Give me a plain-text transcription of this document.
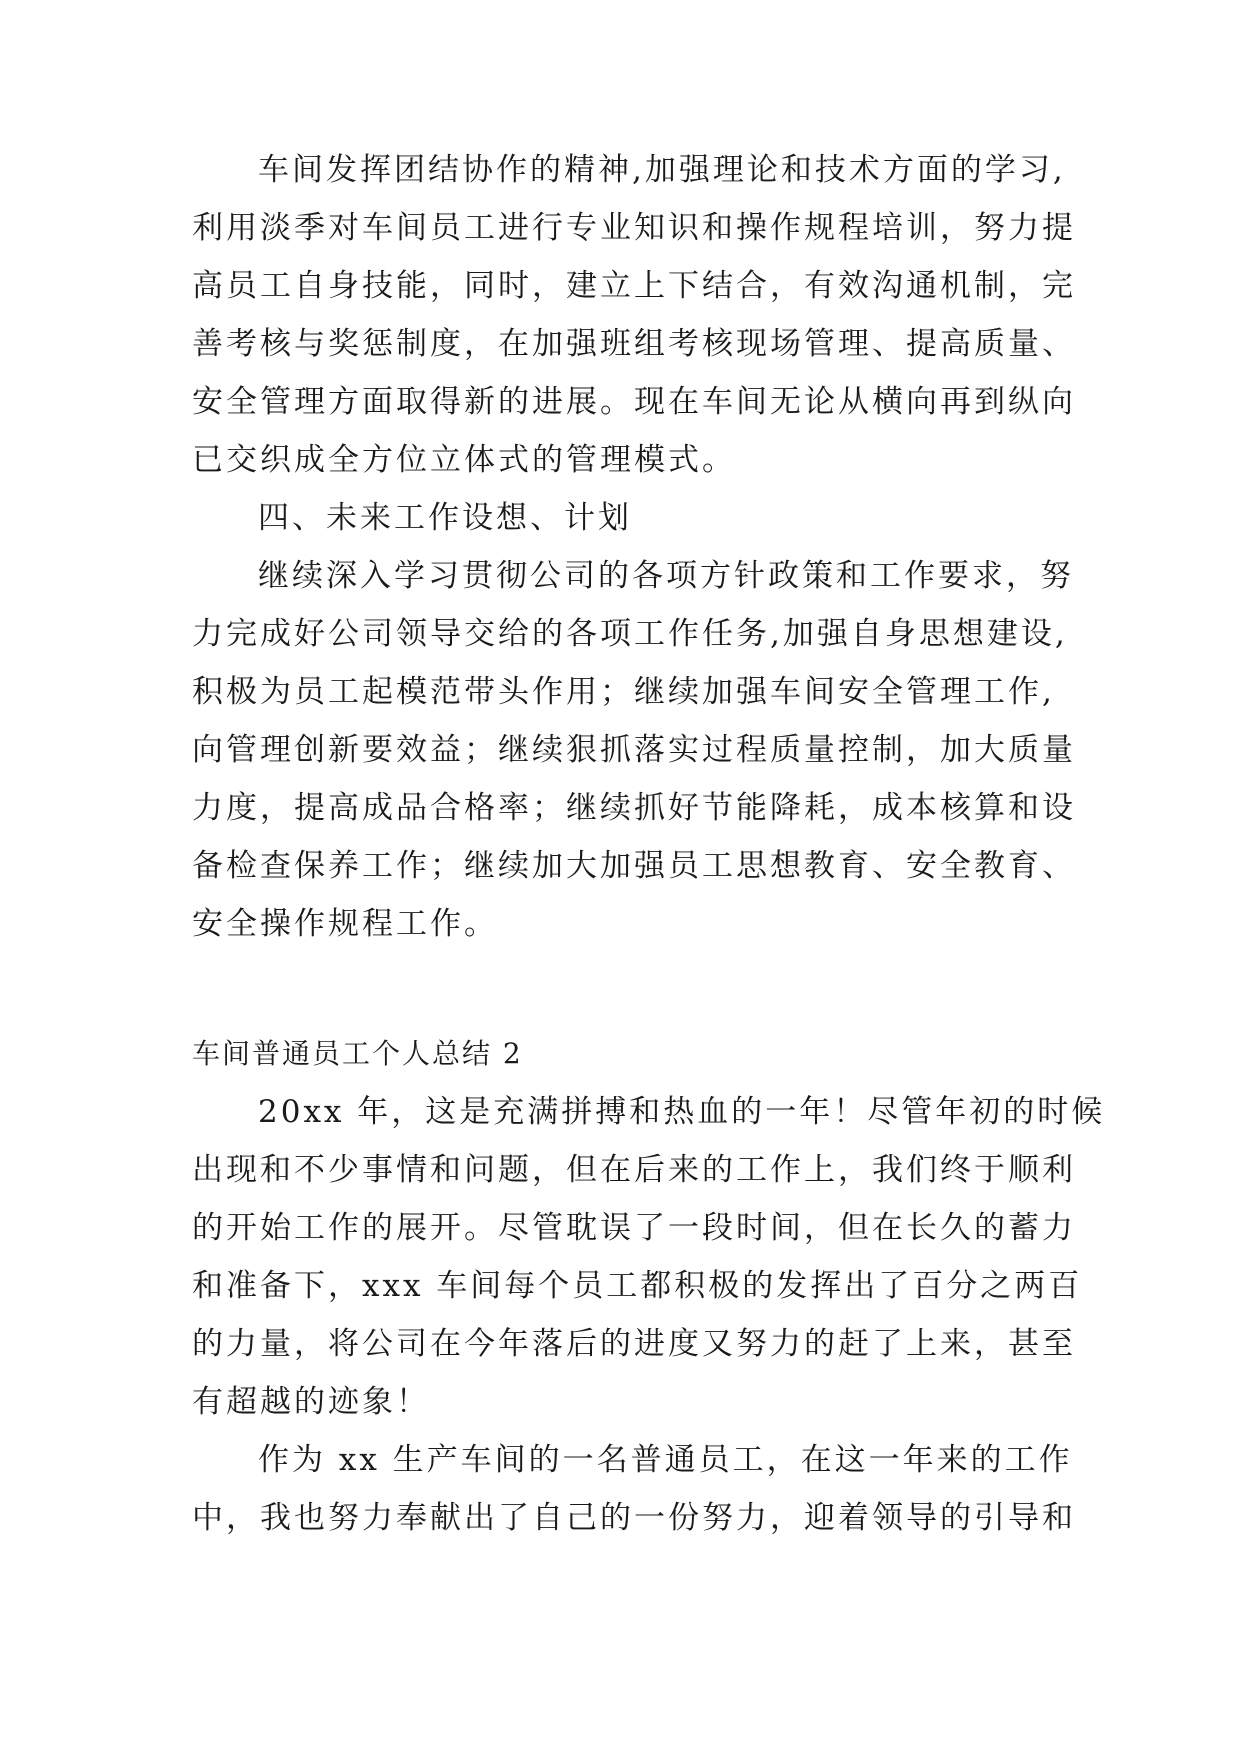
车间发挥团结协作的精神,加强理论和技术方面的学习,
利用淡季对车间员工进行专业知识和操作规程培训，努力提
高员工自身技能，同时，建立上下结合，有效沟通机制，完
善考核与奖惩制度，在加强班组考核现场管理、提高质量、
安全管理方面取得新的进展。现在车间无论从横向再到纵向
已交织成全方位立体式的管理模式。
四、未来工作设想、计划
继续深入学习贯彻公司的各项方针政策和工作要求，努
力完成好公司领导交给的各项工作任务,加强自身思想建设,
积极为员工起模范带头作用；继续加强车间安全管理工作,
向管理创新要效益；继续狠抓落实过程质量控制，加大质量
力度，提高成品合格率；继续抓好节能降耗，成本核算和设
备检查保养工作；继续加大加强员工思想教育、安全教育、
安全操作规程工作。
车间普通员工个人总结 2
20xx 年，这是充满拼搏和热血的一年！尽管年初的时候
出现和不少事情和问题，但在后来的工作上，我们终于顺利
的开始工作的展开。尽管耽误了一段时间，但在长久的蓄力
和准备下，xxx 车间每个员工都积极的发挥出了百分之两百
的力量，将公司在今年落后的进度又努力的赶了上来，甚至
有超越的迹象！
作为 xx 生产车间的一名普通员工，在这一年来的工作
中，我也努力奉献出了自己的一份努力，迎着领导的引导和
